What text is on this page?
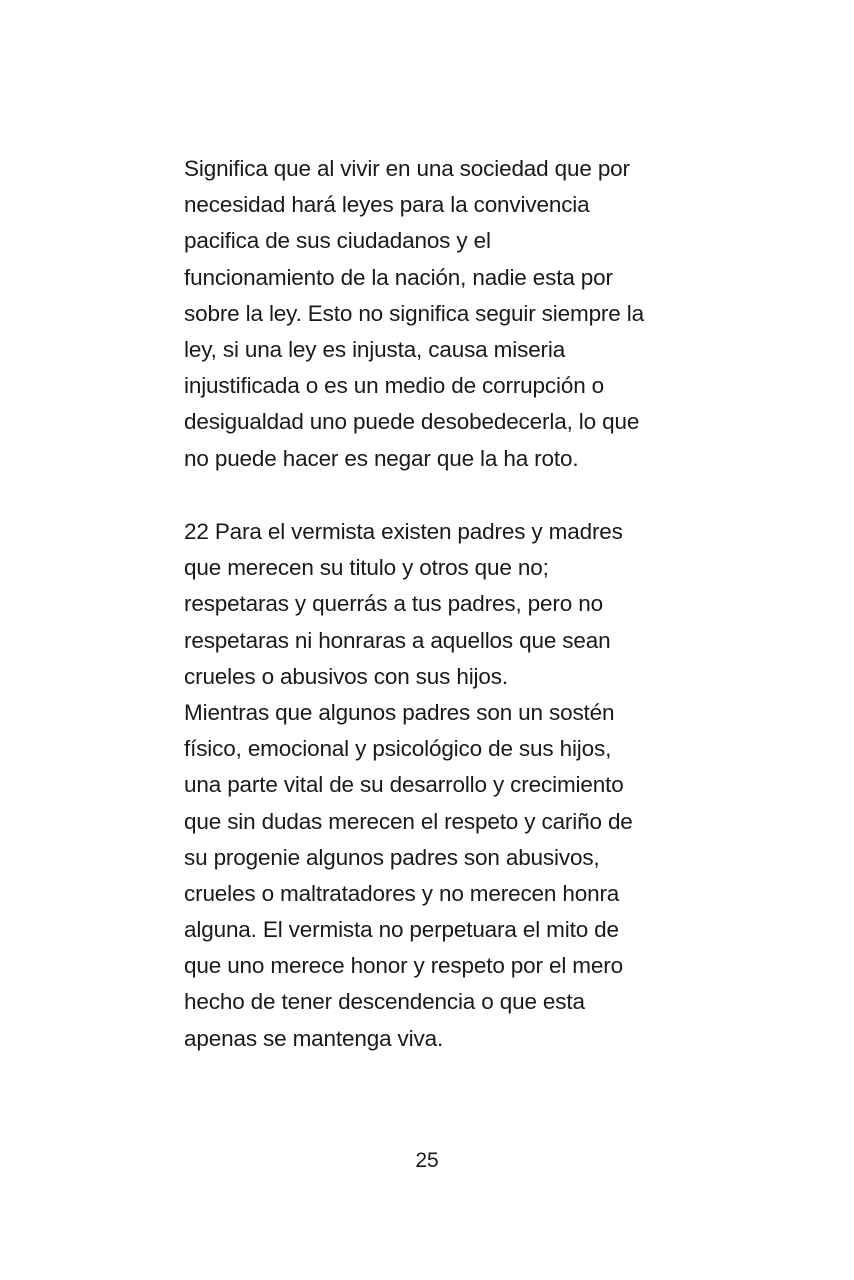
Significa que al vivir en una sociedad que por
necesidad hará leyes para la convivencia
pacifica de sus ciudadanos y el
funcionamiento de la nación, nadie esta por
sobre la ley. Esto no significa seguir siempre la
ley, si una ley es injusta, causa miseria
injustificada o es un medio de corrupción o
desigualdad uno puede desobedecerla, lo que
no puede hacer es negar que la ha roto.
22 Para el vermista existen padres y madres
que merecen su titulo y otros que no;
respetaras y querrás a tus padres, pero no
respetaras ni honraras a aquellos que sean
crueles o abusivos con sus hijos.
Mientras que algunos padres son un sostén
físico, emocional y psicológico de sus hijos,
una parte vital de su desarrollo y crecimiento
que sin dudas merecen el respeto y cariño de
su progenie algunos padres son abusivos,
crueles o maltratadores y no merecen honra
alguna. El vermista no perpetuara el mito de
que uno merece honor y respeto por el mero
hecho de tener descendencia o que esta
apenas se mantenga viva.
25
